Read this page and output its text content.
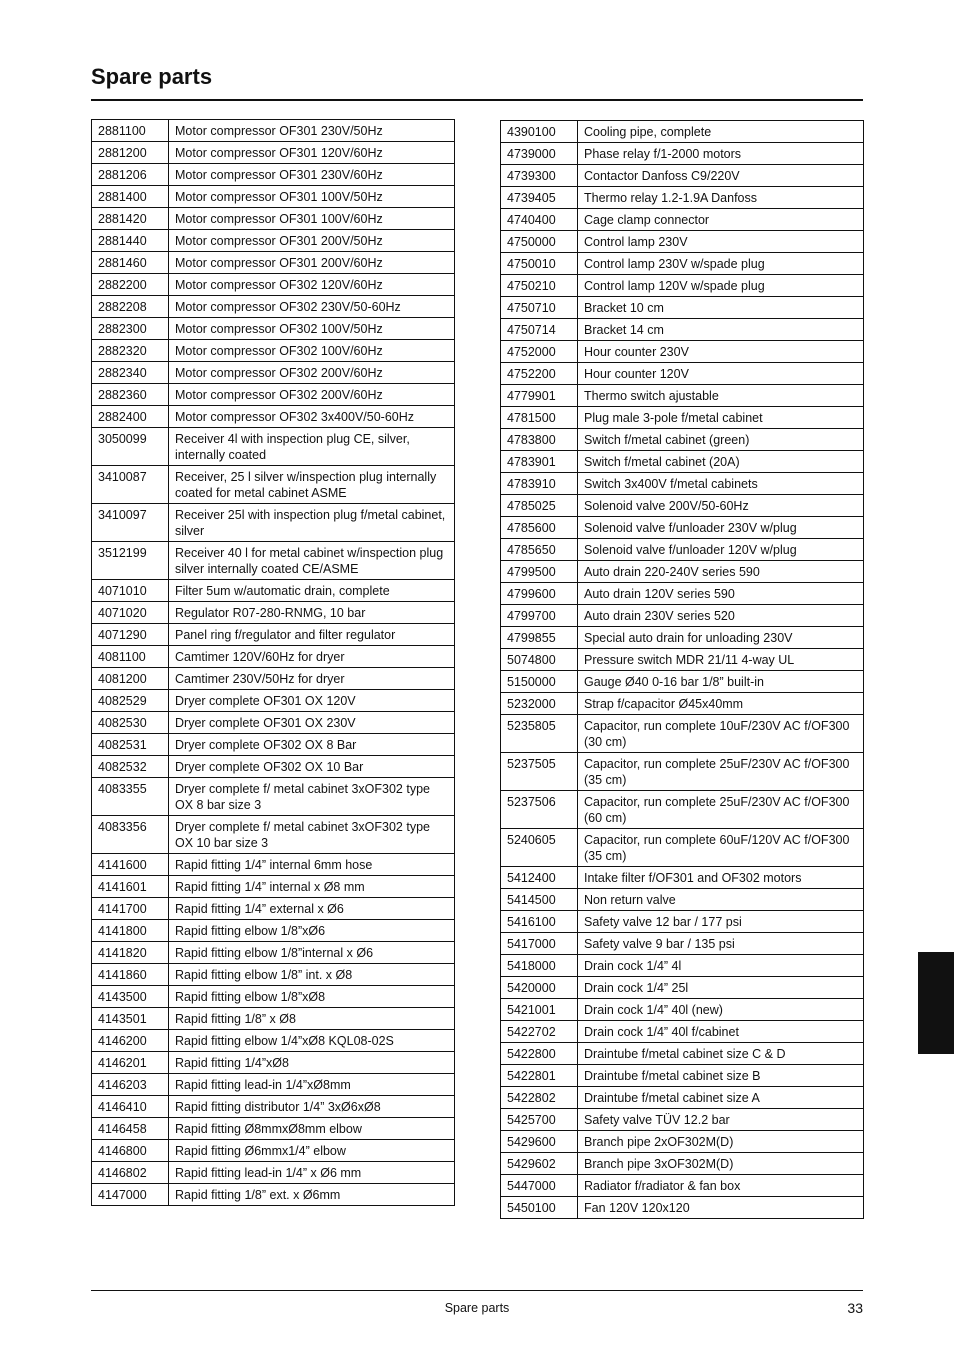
Spare parts
2881100	Motor compressor OF301 230V/50Hz
2881200	Motor compressor OF301 120V/60Hz
2881206	Motor compressor OF301 230V/60Hz
2881400	Motor compressor OF301 100V/50Hz
2881420	Motor compressor OF301 100V/60Hz
2881440	Motor compressor OF301 200V/50Hz
2881460	Motor compressor OF301 200V/60Hz
2882200	Motor compressor OF302 120V/60Hz
2882208	Motor compressor OF302 230V/50-60Hz
2882300	Motor compressor OF302 100V/50Hz
2882320	Motor compressor OF302 100V/60Hz
2882340	Motor compressor OF302 200V/60Hz
2882360	Motor compressor OF302 200V/60Hz
2882400	Motor compressor OF302 3x400V/50-60Hz
3050099	Receiver 4l with inspection plug CE, silver, internally coated
3410087	Receiver, 25 l silver w/inspection plug internally coated for metal cabinet ASME
3410097	Receiver 25l with inspection plug f/metal cabinet, silver
3512199	Receiver 40 l for metal cabinet w/inspection plug silver internally coated CE/ASME
4071010	Filter 5um w/automatic drain, complete
4071020	Regulator R07-280-RNMG, 10 bar
4071290	Panel ring f/regulator and filter regulator
4081100	Camtimer 120V/60Hz for dryer
4081200	Camtimer 230V/50Hz for dryer
4082529	Dryer complete OF301 OX 120V
4082530	Dryer complete OF301 OX 230V
4082531	Dryer complete OF302 OX 8 Bar
4082532	Dryer complete OF302 OX 10 Bar
4083355	Dryer complete f/ metal cabinet 3xOF302 type OX 8 bar size 3
4083356	Dryer complete f/ metal cabinet 3xOF302 type OX 10 bar size 3
4141600	Rapid fitting 1/4” internal 6mm hose
4141601	Rapid fitting 1/4” internal x Ø8 mm
4141700	Rapid fitting 1/4” external x Ø6
4141800	Rapid fitting elbow 1/8”xØ6
4141820	Rapid fitting elbow 1/8”internal x Ø6
4141860	Rapid fitting elbow 1/8” int. x Ø8
4143500	Rapid fitting elbow 1/8”xØ8
4143501	Rapid fitting 1/8” x Ø8
4146200	Rapid fitting elbow 1/4”xØ8 KQL08-02S
4146201	Rapid fitting 1/4”xØ8
4146203	Rapid fitting lead-in 1/4”xØ8mm
4146410	Rapid fitting distributor 1/4” 3xØ6xØ8
4146458	Rapid fitting Ø8mmxØ8mm elbow
4146800	Rapid fitting Ø6mmx1/4” elbow
4146802	Rapid fitting lead-in 1/4” x Ø6 mm
4147000	Rapid fitting 1/8” ext. x Ø6mm
4390100	Cooling pipe, complete
4739000	Phase relay f/1-2000 motors
4739300	Contactor Danfoss C9/220V
4739405	Thermo relay 1.2-1.9A Danfoss
4740400	Cage clamp connector
4750000	Control lamp 230V
4750010	Control lamp 230V w/spade plug
4750210	Control lamp 120V w/spade plug
4750710	Bracket 10 cm
4750714	Bracket 14 cm
4752000	Hour counter 230V
4752200	Hour counter 120V
4779901	Thermo switch ajustable
4781500	Plug male 3-pole f/metal cabinet
4783800	Switch f/metal cabinet (green)
4783901	Switch f/metal cabinet (20A)
4783910	Switch 3x400V f/metal cabinets
4785025	Solenoid valve 200V/50-60Hz
4785600	Solenoid valve f/unloader 230V w/plug
4785650	Solenoid valve f/unloader 120V w/plug
4799500	Auto drain 220-240V series 590
4799600	Auto drain 120V series 590
4799700	Auto drain 230V series 520
4799855	Special auto drain for unloading 230V
5074800	Pressure switch MDR 21/11 4-way UL
5150000	Gauge Ø40 0-16 bar 1/8” built-in
5232000	Strap f/capacitor Ø45x40mm
5235805	Capacitor, run complete 10uF/230V AC f/OF300 (30 cm)
5237505	Capacitor, run complete 25uF/230V AC f/OF300 (35 cm)
5237506	Capacitor, run complete 25uF/230V AC f/OF300 (60 cm)
5240605	Capacitor, run complete 60uF/120V AC f/OF300 (35 cm)
5412400	Intake filter f/OF301 and OF302 motors
5414500	Non return valve
5416100	Safety valve 12 bar / 177 psi
5417000	Safety valve 9 bar / 135 psi
5418000	Drain cock 1/4” 4l
5420000	Drain cock 1/4” 25l
5421001	Drain cock 1/4” 40l (new)
5422702	Drain cock 1/4” 40l f/cabinet
5422800	Draintube f/metal cabinet size C & D
5422801	Draintube f/metal cabinet size B
5422802	Draintube f/metal cabinet size A
5425700	Safety valve TÜV 12.2 bar
5429600	Branch pipe 2xOF302M(D)
5429602	Branch pipe 3xOF302M(D)
5447000	Radiator f/radiator & fan box
5450100	Fan 120V 120x120
Spare parts	33
